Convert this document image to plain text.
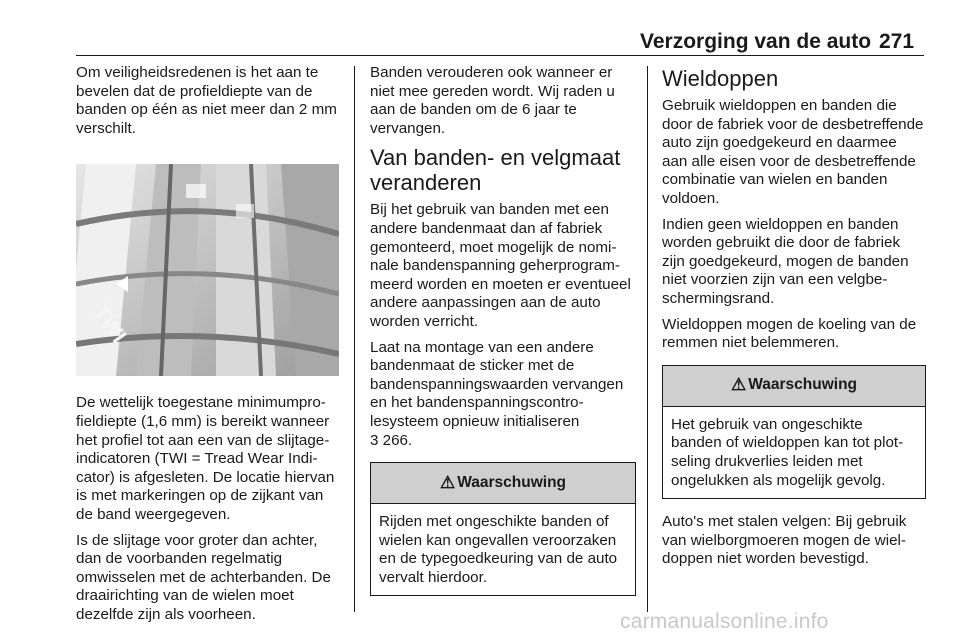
Verzorging van de auto 271

Om veiligheidsredenen is het aan te bevelen dat de profieldiepte van de banden op één as niet meer dan 2 mm verschilt.

TWI

De wettelijk toegestane minimumprofieldiepte (1,6 mm) is bereikt wanneer het profiel tot aan een van de slijtageindicatoren (TWI = Tread Wear Indicator) is afgesleten. De locatie hiervan is met markeringen op de zijkant van de band weergegeven.

Is de slijtage voor groter dan achter, dan de voorbanden regelmatig omwisselen met de achterbanden. De draairichting van de wielen moet dezelfde zijn als voorheen.

Banden verouderen ook wanneer er niet mee gereden wordt. Wij raden u aan de banden om de 6 jaar te vervangen.

Van banden- en velgmaat veranderen

Bij het gebruik van banden met een andere bandenmaat dan af fabriek gemonteerd, moet mogelijk de nominale bandenspanning geherprogrammeerd worden en moeten er eventueel andere aanpassingen aan de auto worden verricht.

Laat na montage van een andere bandenmaat de sticker met de bandenspanningswaarden vervangen en het bandenspanningscontrolesysteem opnieuw initialiseren
3 266.

⚠ Waarschuwing
Rijden met ongeschikte banden of wielen kan ongevallen veroorzaken en de typegoedkeuring van de auto vervalt hierdoor.
Wieldoppen

Gebruik wieldoppen en banden die door de fabriek voor de desbetreffende auto zijn goedgekeurd en daarmee aan alle eisen voor de desbetreffende combinatie van wielen en banden voldoen.

Indien geen wieldoppen en banden worden gebruikt die door de fabriek zijn goedgekeurd, mogen de banden niet voorzien zijn van een velgbeschermingsrand.

Wieldoppen mogen de koeling van de remmen niet belemmeren.

⚠ Waarschuwing
Het gebruik van ongeschikte banden of wieldoppen kan tot plotseling drukverlies leiden met ongelukken als mogelijk gevolg.

Auto's met stalen velgen: Bij gebruik van wielborgmoeren mogen de wieldoppen niet worden bevestigd.

carmanualsonline.info
